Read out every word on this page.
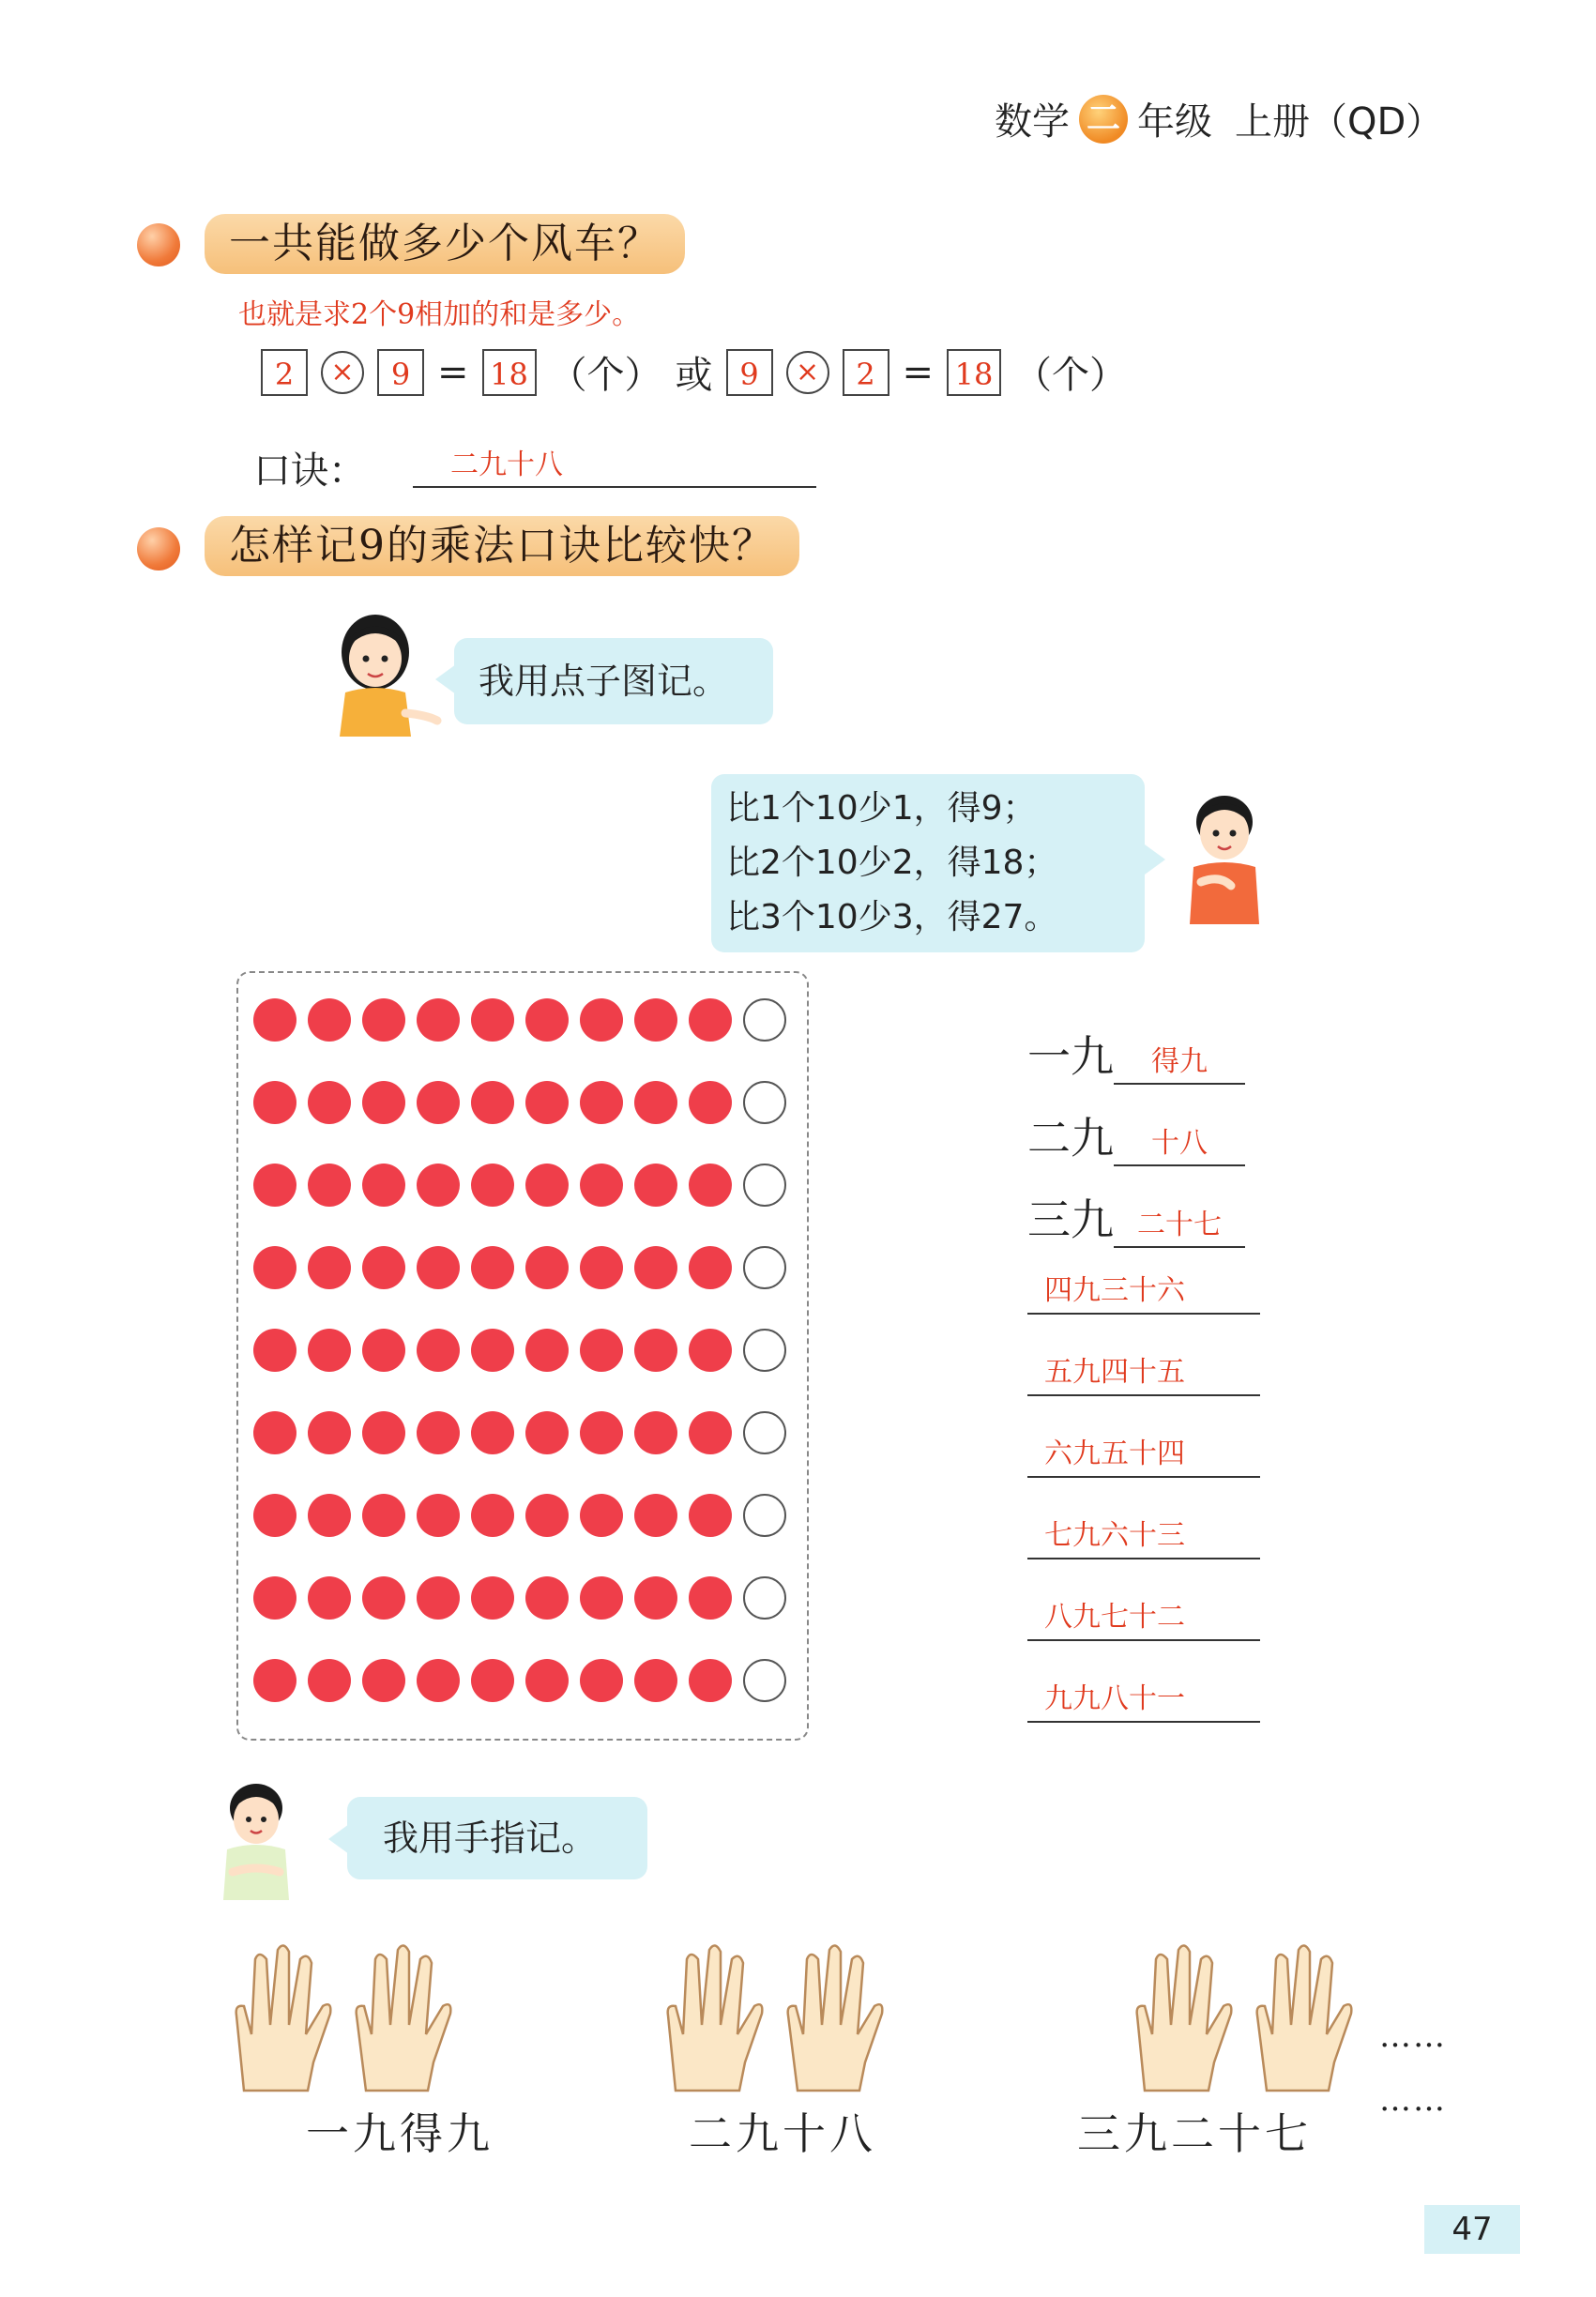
数学 二 年级 上册（QD）
一共能做多少个风车？
也就是求2个9相加的和是多少。
2	×	9 = 18 （个） 或 9	×	2 = 18 （个）
口诀：	二九十八
怎样记9的乘法口诀比较快？
我用点子图记。
比1个10少1，得9；
比2个10少2，得18；
比3个10少3，得27。
一九	得九
二九	十八
三九 二十七
四九三十六
五九四十五
六九五十四
七九六十三
八九七十二
九九八十一
我用手指记。
……
……
一九得九	二九十八	三九二十七
47
